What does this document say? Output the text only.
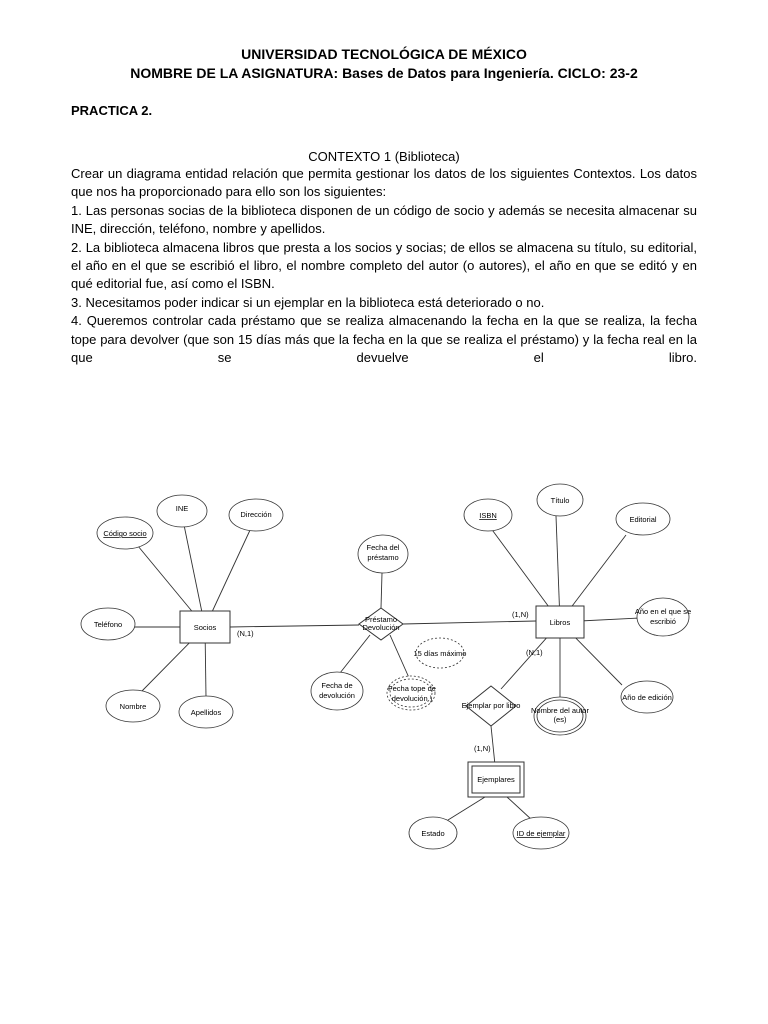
UNIVERSIDAD TECNOLÓGICA DE MÉXICO
NOMBRE DE LA ASIGNATURA: Bases de Datos para Ingeniería. CICLO: 23-2
PRACTICA 2.
CONTEXTO 1 (Biblioteca)

Crear un diagrama entidad relación que permita gestionar los datos de los siguientes Contextos. Los datos que nos ha proporcionado para ello son los siguientes:

1. Las personas socias de la biblioteca disponen de un código de socio y además se necesita almacenar su INE, dirección, teléfono, nombre y apellidos.

2. La biblioteca almacena libros que presta a los socios y socias; de ellos se almacena su título, su editorial, el año en el que se escribió el libro, el nombre completo del autor (o autores), el año en que se editó y en qué editorial fue, así como el ISBN.

3. Necesitamos poder indicar si un ejemplar en la biblioteca está deteriorado o no.

4. Queremos controlar cada préstamo que se realiza almacenando la fecha en la que se realiza, la fecha tope para devolver (que son 15 días más que la fecha en la que se realiza el préstamo) y la fecha real en la que se devuelve el libro.

Código socio
INE
Dirección
Teléfono
Nombre
Apellidos
Socios
(N,1)
Fecha del
préstamo
Préstamo
Devolución
Fecha de
devolución
Fecha tope de
devolución )
15 días máximo
ISBN
Título
Editorial
Año en el que se
escribió
Año de edición
Nombre del autor
(es)
Libros
(1,N)
(N,1)
Ejemplar por libro
(1,N)
Ejemplares
Estado	ID de ejemplar
